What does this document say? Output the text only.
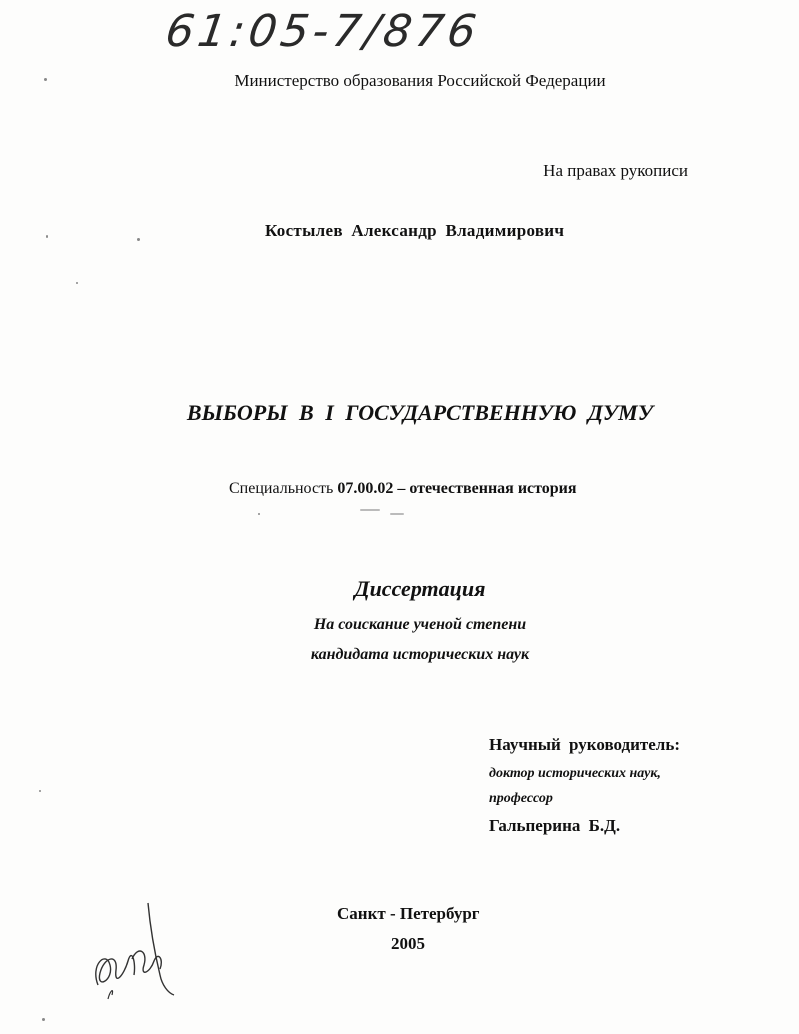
61:05-7/876
Министерство образования Российской Федерации
На правах рукописи
Костылев Александр Владимирович
ВЫБОРЫ В I ГОСУДАРСТВЕННУЮ ДУМУ
Специальность 07.00.02 – отечественная история
Диссертация
На соискание ученой степени
кандидата исторических наук
Научный руководитель:
доктор исторических наук,
профессор
Гальперина Б.Д.
Санкт - Петербург
2005
